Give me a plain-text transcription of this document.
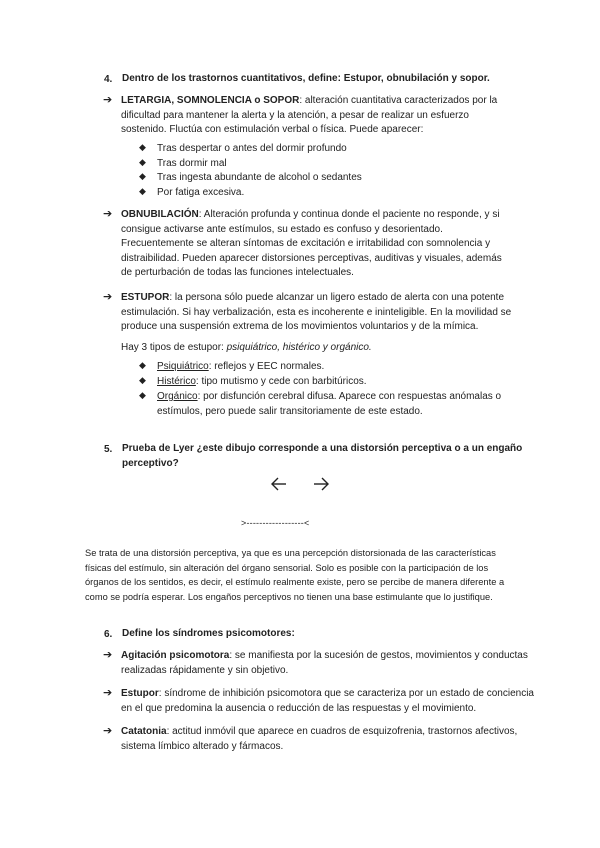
4. Dentro de los trastornos cuantitativos, define: Estupor, obnubilación y sopor.
➔ LETARGIA, SOMNOLENCIA o SOPOR: alteración cuantitativa caracterizados por la
dificultad para mantener la alerta y la atención, a pesar de realizar un esfuerzo
sostenido. Fluctúa con estimulación verbal o física. Puede aparecer:
◆ Tras despertar o antes del dormir profundo
◆ Tras dormir mal
◆ Tras ingesta abundante de alcohol o sedantes
◆ Por fatiga excesiva.
➔ OBNUBILACIÓN: Alteración profunda y continua donde el paciente no responde, y si
consigue activarse ante estímulos, su estado es confuso y desorientado.
Frecuentemente se alteran síntomas de excitación e irritabilidad con somnolencia y
distraibilidad. Pueden aparecer distorsiones perceptivas, auditivas y visuales, además
de perturbación de todas las funciones intelectuales.
➔ ESTUPOR: la persona sólo puede alcanzar un ligero estado de alerta con una potente
estimulación. Si hay verbalización, esta es incoherente e ininteligible. En la movilidad se
produce una suspensión extrema de los movimientos voluntarios y de la mímica.
Hay 3 tipos de estupor: psiquiátrico, histérico y orgánico.
◆ Psiquiátrico: reflejos y EEC normales.
◆ Histérico: tipo mutismo y cede con barbitúricos.
◆ Orgánico: por disfunción cerebral difusa. Aparece con respuestas anómalas o
estímulos, pero puede salir transitoriamente de este estado.
5. Prueba de Lyer ¿este dibujo corresponde a una distorsión perceptiva o a un engaño
perceptivo?
>------------------<
Se trata de una distorsión perceptiva, ya que es una percepción distorsionada de las características
físicas del estímulo, sin alteración del órgano sensorial. Solo es posible con la participación de los
órganos de los sentidos, es decir, el estímulo realmente existe, pero se percibe de manera diferente a
como se podría esperar. Los engaños perceptivos no tienen una base estimulante que lo justifique.
6. Define los síndromes psicomotores:
➔ Agitación psicomotora: se manifiesta por la sucesión de gestos, movimientos y conductas
realizadas rápidamente y sin objetivo.
➔ Estupor: síndrome de inhibición psicomotora que se caracteriza por un estado de conciencia
en el que predomina la ausencia o reducción de las respuestas y el movimiento.
➔ Catatonia: actitud inmóvil que aparece en cuadros de esquizofrenia, trastornos afectivos,
sistema límbico alterado y fármacos.
